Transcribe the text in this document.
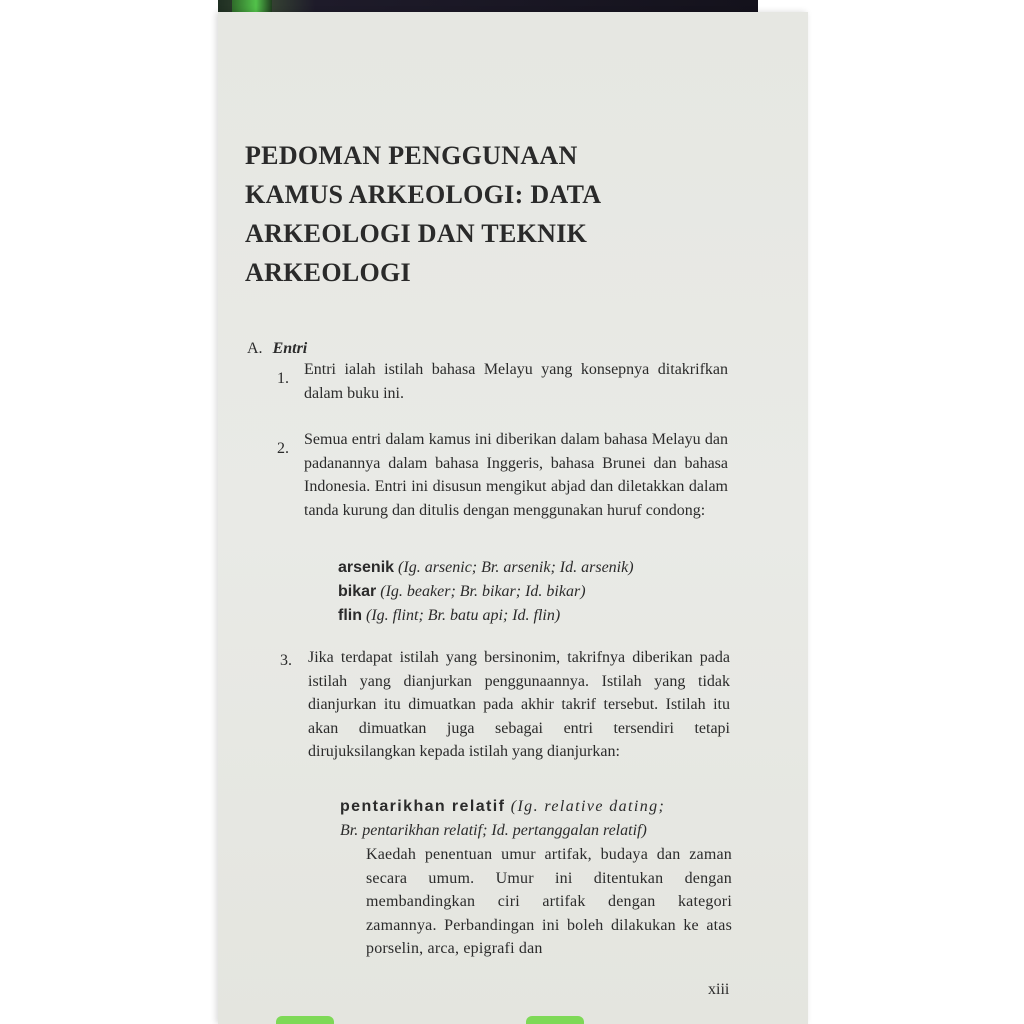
PEDOMAN PENGGUNAAN
KAMUS ARKEOLOGI: DATA
ARKEOLOGI DAN TEKNIK
ARKEOLOGI
A. Entri
1.
Entri ialah istilah bahasa Melayu yang konsepnya ditakrifkan dalam buku ini.
2.
Semua entri dalam kamus ini diberikan dalam bahasa Melayu dan padanannya dalam bahasa Inggeris, bahasa Brunei dan bahasa Indonesia. Entri ini disusun mengikut abjad dan diletakkan dalam tanda kurung dan ditulis dengan menggunakan huruf condong:
arsenik (Ig. arsenic; Br. arsenik; Id. arsenik)
bikar (Ig. beaker; Br. bikar; Id. bikar)
flin (Ig. flint; Br. batu api; Id. flin)
3. Jika terdapat istilah yang bersinonim, takrifnya diberikan pada istilah yang dianjurkan penggunaannya. Istilah yang tidak dianjurkan itu dimuatkan pada akhir takrif tersebut. Istilah itu akan dimuatkan juga sebagai entri tersendiri tetapi dirujuksilangkan kepada istilah yang dianjurkan:
pentarikhan relatif (Ig. relative dating;
Br. pentarikhan relatif; Id. pertanggalan relatif)
Kaedah penentuan umur artifak, budaya dan zaman secara umum. Umur ini ditentukan dengan membandingkan ciri artifak dengan kategori zamannya. Perbandingan ini boleh dilakukan ke atas porselin, arca, epigrafi dan
xiii
